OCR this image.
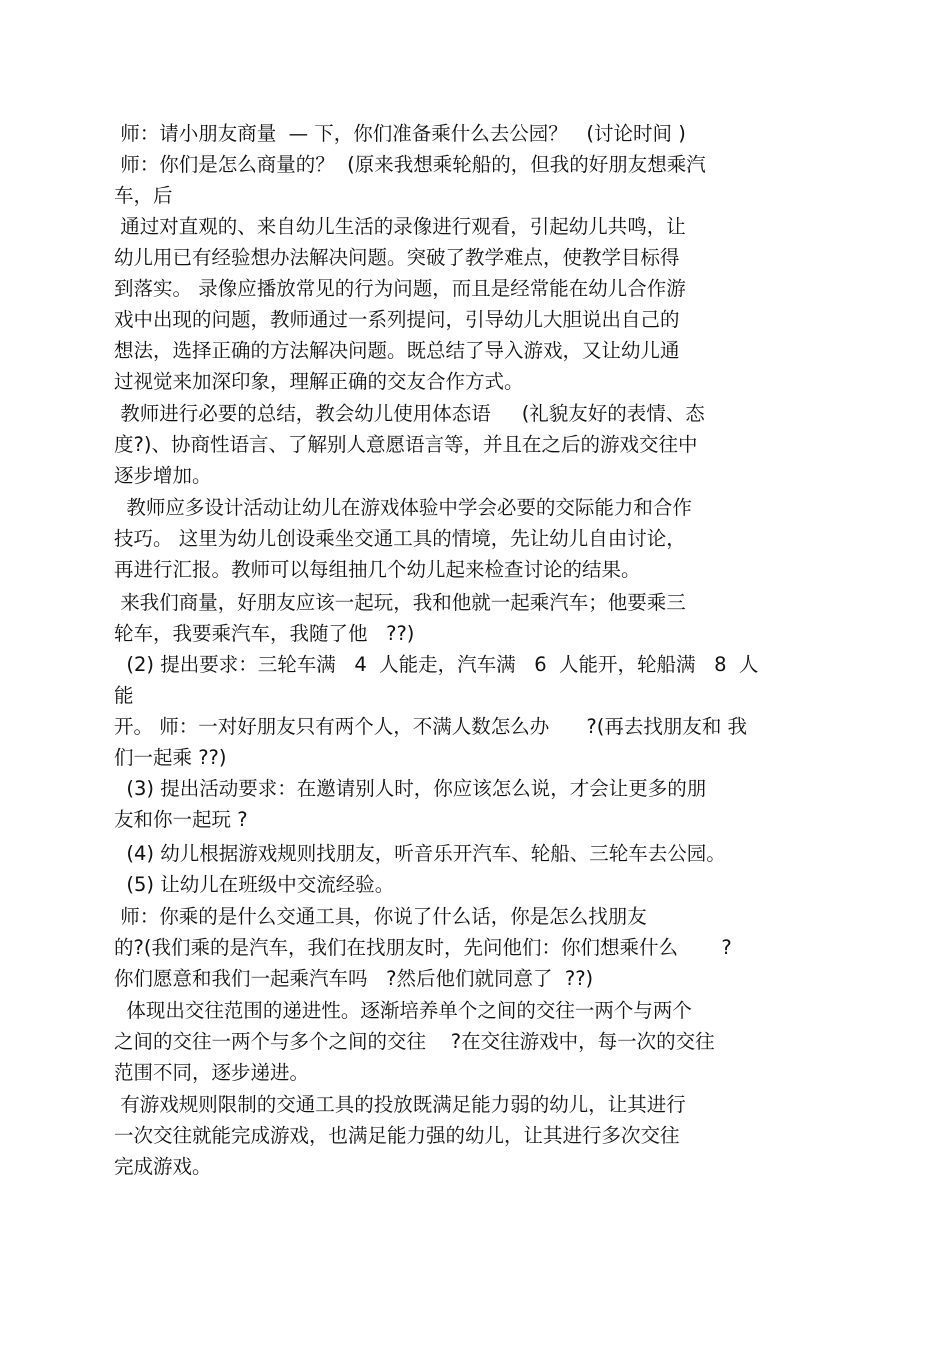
师：请小朋友商量  — 下，你们准备乘什么去公园？   (讨论时间 )
师：你们是怎么商量的？  (原来我想乘轮船的，但我的好朋友想乘汽
车，后
通过对直观的、来自幼儿生活的录像进行观看，引起幼儿共鸣，让
幼儿用已有经验想办法解决问题。突破了教学难点，使教学目标得
到落实。 录像应播放常见的行为问题，而且是经常能在幼儿合作游
戏中出现的问题，教师通过一系列提问，引导幼儿大胆说出自己的
想法，选择正确的方法解决问题。既总结了导入游戏，又让幼儿通
过视觉来加深印象，理解正确的交友合作方式。
教师进行必要的总结，教会幼儿使用体态语     (礼貌友好的表情、态
度?)、协商性语言、了解别人意愿语言等，并且在之后的游戏交往中
逐步增加。
教师应多设计活动让幼儿在游戏体验中学会必要的交际能力和合作
技巧。 这里为幼儿创设乘坐交通工具的情境，先让幼儿自由讨论，
再进行汇报。教师可以每组抽几个幼儿起来检查讨论的结果。
来我们商量，好朋友应该一起玩，我和他就一起乘汽车；他要乘三
轮车，我要乘汽车，我随了他   ??)
(2) 提出要求：三轮车满   4  人能走，汽车满   6  人能开，轮船满   8  人
能
开。 师：一对好朋友只有两个人，不满人数怎么办      ?(再去找朋友和 我
们一起乘 ??)
(3) 提出活动要求：在邀请别人时，你应该怎么说，才会让更多的朋
友和你一起玩 ?
(4) 幼儿根据游戏规则找朋友，听音乐开汽车、轮船、三轮车去公园。
(5) 让幼儿在班级中交流经验。
师：你乘的是什么交通工具，你说了什么话，你是怎么找朋友
的?(我们乘的是汽车，我们在找朋友时，先问他们：你们想乘什么       ?
你们愿意和我们一起乘汽车吗   ?然后他们就同意了  ??)
体现出交往范围的递进性。逐渐培养单个之间的交往一两个与两个
之间的交往一两个与多个之间的交往    ?在交往游戏中，每一次的交往
范围不同，逐步递进。
有游戏规则限制的交通工具的投放既满足能力弱的幼儿，让其进行
一次交往就能完成游戏，也满足能力强的幼儿，让其进行多次交往
完成游戏。
